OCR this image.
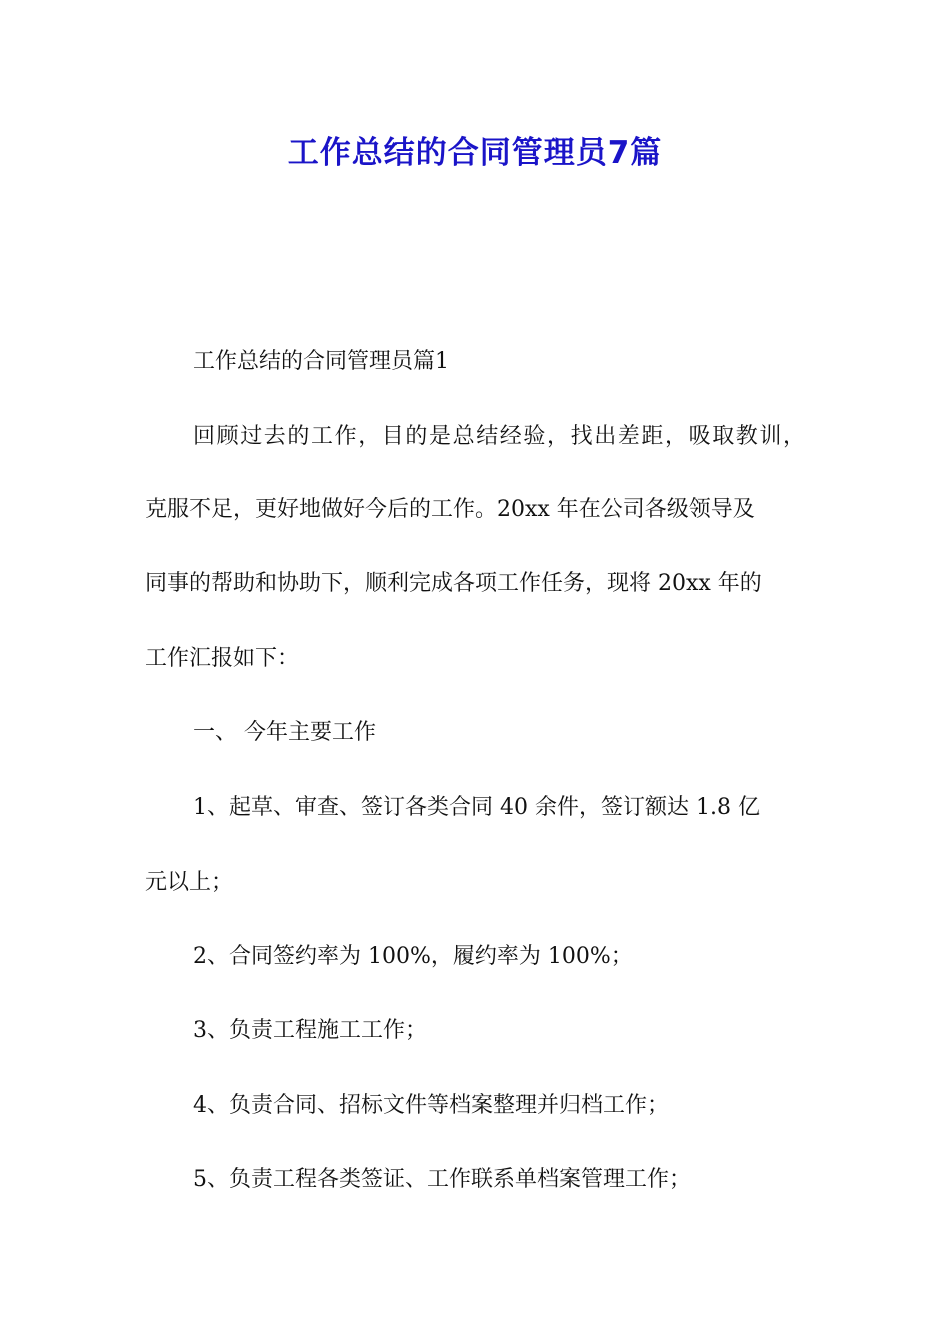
工作总结的合同管理员7篇
工作总结的合同管理员篇1
回顾过去的工作，目的是总结经验，找出差距，吸取教训，
克服不足，更好地做好今后的工作。20xx 年在公司各级领导及
同事的帮助和协助下，顺利完成各项工作任务，现将 20xx 年的
工作汇报如下：
一、 今年主要工作
1、起草、审查、签订各类合同 40 余件，签订额达 1.8 亿
元以上；
2、合同签约率为 100%，履约率为 100%；
3、负责工程施工工作；
4、负责合同、招标文件等档案整理并归档工作；
5、负责工程各类签证、工作联系单档案管理工作；
